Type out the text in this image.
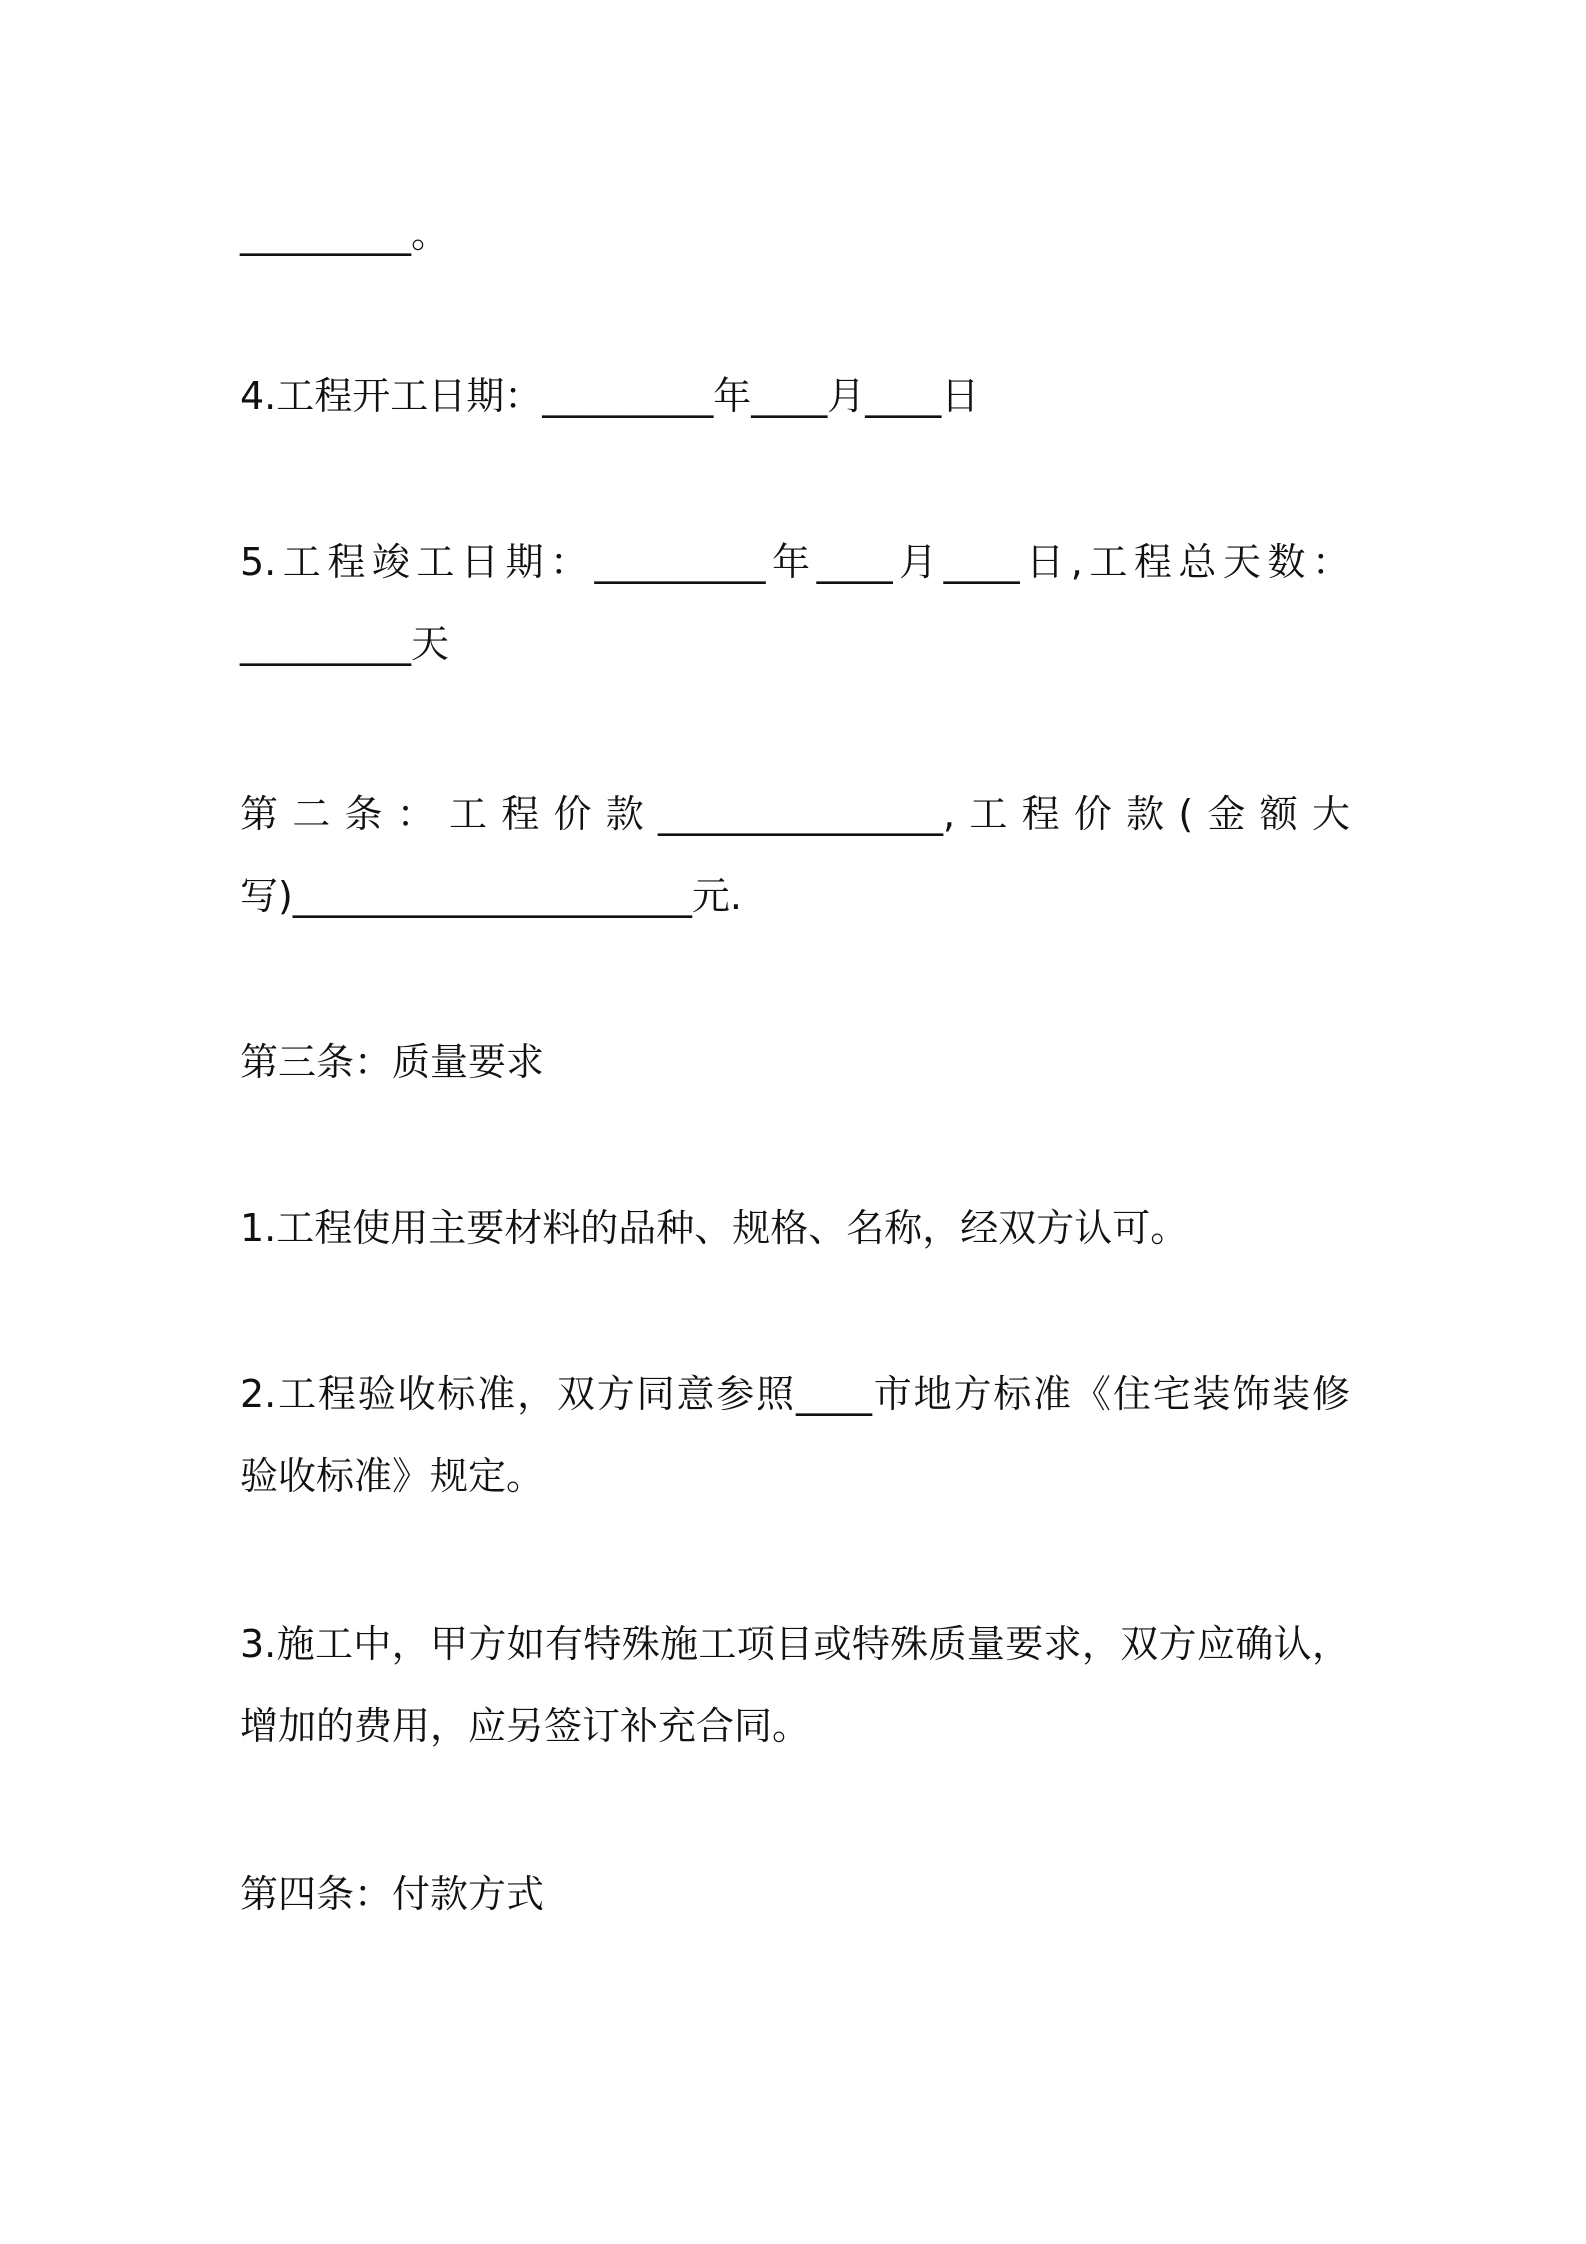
_________。
4.工程开工日期：_________年____月____日
5.工程竣工日期：_________年____月____日,工程总天数：
_________天
第二条：工程价款_______________,工程价款(金额大
写)_____________________元.
第三条：质量要求
1.工程使用主要材料的品种、规格、名称，经双方认可。
2.工程验收标准，双方同意参照____市地方标准《住宅装饰装修
验收标准》规定。
3.施工中，甲方如有特殊施工项目或特殊质量要求，双方应确认，
增加的费用，应另签订补充合同。
第四条：付款方式
